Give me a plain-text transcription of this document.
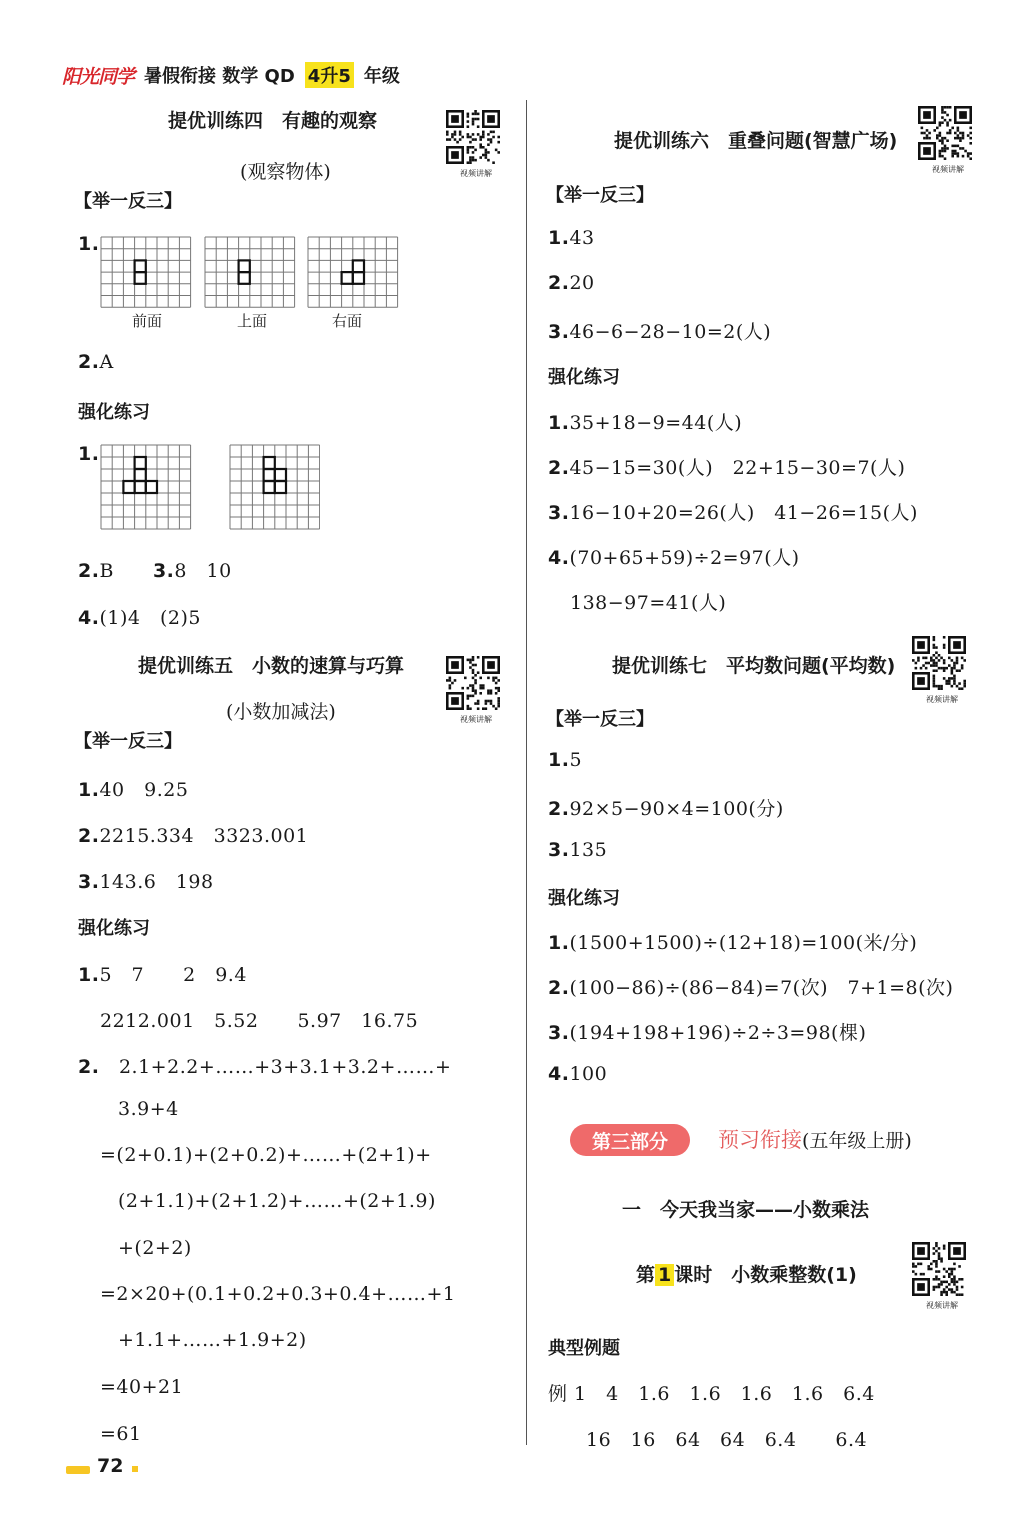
阳光同学 暑假衔接 数学 QD 4升5 年级
提优训练四　有趣的观察
(观察物体)	视频讲解
【举一反三】
1.
前面	上面	右面
2.A
强化练习
1.
2.B　　 3.8　10
4.(1)4　(2)5
提优训练五　小数的速算与巧算
(小数加减法)	视频讲解
【举一反三】
1.40　9.25
2.2215.334　3323.001
3.143.6　198
强化练习
1.5　7　　2　9.4
2212.001　5.52　　5.97　16.75
2.　 2.1+2.2+……+3+3.1+3.2+……+
3.9+4
=(2+0.1)+(2+0.2)+……+(2+1)+
(2+1.1)+(2+1.2)+……+(2+1.9)
+(2+2)
=2×20+(0.1+0.2+0.3+0.4+……+1
+1.1+……+1.9+2)
=40+21
=61
提优训练六　重叠问题(智慧广场)
视频讲解
【举一反三】
1.43
2.20
3.46−6−28−10=2(人)
强化练习
1.35+18−9=44(人)
2.45−15=30(人)　22+15−30=7(人)
3.16−10+20=26(人)　41−26=15(人)
4.(70+65+59)÷2=97(人)
138−97=41(人)
提优训练七　平均数问题(平均数)
视频讲解
【举一反三】
1.5
2.92×5−90×4=100(分)
3.135
强化练习
1.(1500+1500)÷(12+18)=100(米/分)
2.(100−86)÷(86−84)=7(次)　7+1=8(次)
3.(194+198+196)÷2÷3=98(棵)
4.100
第三部分	预习衔接(五年级上册)
一　今天我当家——小数乘法
第 1 课时　小数乘整数(1)
视频讲解
典型例题
例 1　 4　1.6　1.6　1.6　1.6　6.4
16　16　64　64　6.4　　6.4
72
